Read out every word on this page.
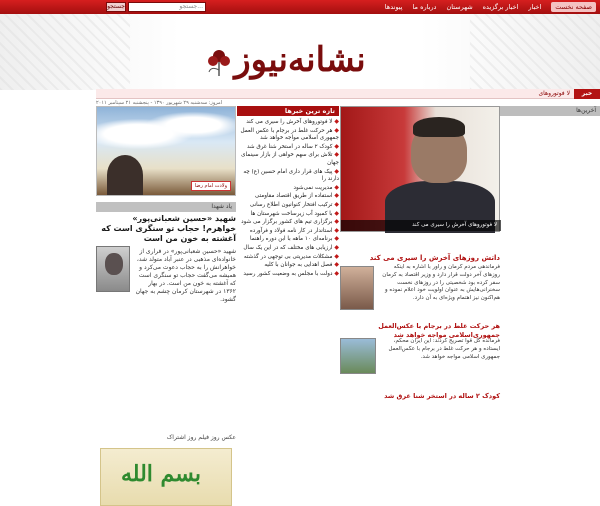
جستجو	جستجو...	صفحه نخست
اخبار
اخبار برگزیده
شهرستان
درباره ما
پیوندها
نشانه‌نیوز
خبر
لا فوتوروهای
امروز: سه‌شنبه ۲۹ شهریور ۱۳۹۰ - پنجشنبه ۲۱ سپتامبر ۲۰۱۱
ولادت امام رضا
یاد شهدا
شهید «حسین شعبانی‌پور» خواهرم! حجاب تو سنگری است که آغشته به خون من است
شهید «حسین شعبانی‌پور» در فراری از خانواده‌ای مذهبی در عنبر آباد متولد شد، خواهرانش را به حجاب دعوت می‌کرد و همیشه می‌گفت حجاب تو سنگری است که آغشته به خون من است. در بهار ۱۳۶۲ در شهرستان کرمان چشم به جهان گشود.
عکس روز فیلم روز اشتراک
بسم الله
تازه ترین خبرها
◆ لا فوتوروهای آخرش را سیری می کند
◆ هر حرکت غلط در برجام با عکس العمل جمهوری اسلامی مواجه خواهد شد
◆ کودک ۲ ساله در استخر شنا غرق شد
◆ تلاش برای سهم خواهی از بازار سینمای جهان
◆ پیک های قرار داری امام حسین (ع) چه دارند را
◆ مدیریت نمی‌شود
◆ استفاده از طریق اقتصاد مقاومتی
◆ ترکیب افتخار کنوانیون اطلاع رسانی
◆ با کمبود آب زیرساخت شهرستان ها
◆ برگزاری تیم های کشور برگزار می شود
◆ استاندار در کار نامه فولاد و فرآورده
◆ برنامه‌ای ۱۰ ماهه با ابن دوره راهنما
◆ ارزیابی های مختلف که در این یک سال
◆ مشکلات مدیریتی بی توجهی در گذشته
◆ فصل اهدایی به جوانان با کلیه
◆ دولت با مجلس به وضعیت کشور رسید
لا فوتوروهای آخرش را سیری می کند
داتش روزهای آخرش را سیری می کند
فرماندهی مردم کرمان و راور با اشاره به اینکه روزهای آخر دولت قرار دارد و وزیر اقتصاد به کرمان سفر کرده بود شخصیتی را در روزهای نخست سخنرانی‌هایش به عنوان اولویت خود اعلام نموده و هم‌اکنون نیز اهتمام ویژه‌ای به آن دارد.
هر حرکت غلط در برجام با عکس‌العمل جمهوری‌اسلامی مواجه خواهد شد
فرمانده کل قوا تصریح کردند: این ایران محکم، ایستاده و هر حرکت غلط در برجام با عکس‌العمل جمهوری اسلامی مواجه خواهد شد.
کودک ۲ ساله در استخر شنا غرق شد
آخرین‌ها
